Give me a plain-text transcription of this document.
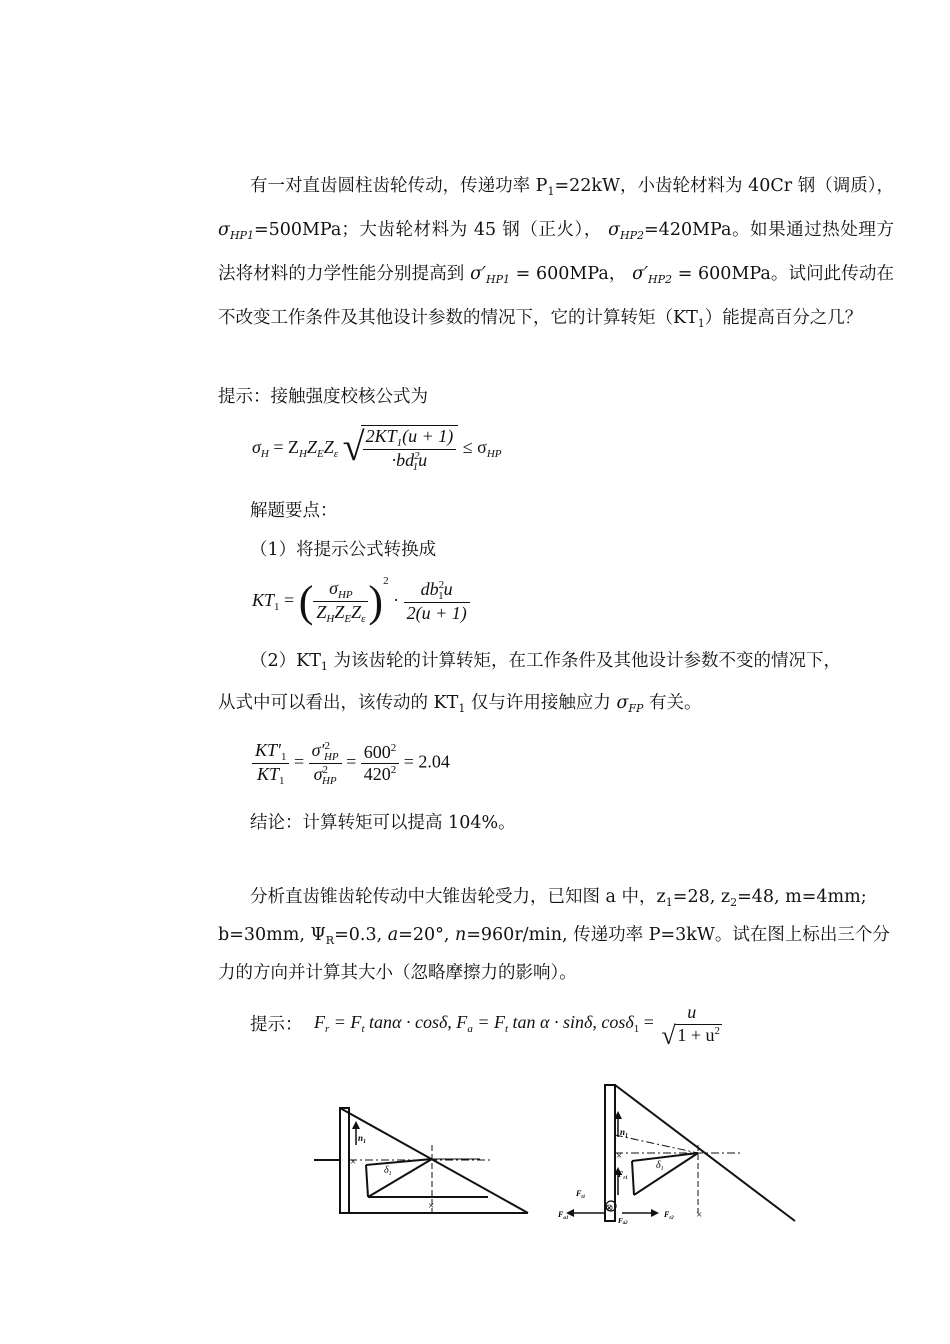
有一对直齿圆柱齿轮传动，传递功率 $P_1=22kW$，小齿轮材料为 40Cr 钢（调质）， $\sigma_{HP1}=500MPa$；大齿轮材料为 45 钢（正火）， $\sigma_{HP2}=420MPa$。如果通过热处理方法将材料的力学性能分别提高到 $\sigma'_{HP1} = 600MPa$， $\sigma'_{HP2} = 600MPa$。试问此传动在不改变工作条件及其他设计参数的情况下，它的计算转矩$(KT_1)$能提高百分之几？
提示：接触强度校核公式为
$\sigma_H = Z_HZ_EZ_\varepsilon$ √
$\frac{2KT_1(u + 1)}{\cdot bd^2_1u} \le \sigma_{HP}$
解题要点：
（1）将提示公式转换成
$KT_1$ = ( $\frac{\sigma_{HP}}{Z_HZ_EZ_\varepsilon} )^2 \cdot \frac{db^2_1u}{2(u + 1)}$
$(2)KT_1$ 为该齿轮的计算转矩，在工作条件及其他设计参数不变的情况下，
从式中可以看出，该传动的 $KT_1$ 仅与许用接触应力 $\sigma_{FP}$ 有关。
$\frac{KT'_1}{KT_1} = \frac{\sigma'^2_{HP}}{\sigma^2_{HP}} = \frac{600^2}{420^2} = 2.04$
结论：计算转矩可以提高 104%。
分析直齿锥齿轮传动中大锥齿轮受力，已知图 a 中，$z_1=28$, $z_2=48$, m=4mm;
b=30mm, $\Psi_R=0.3$, a=20°, n=960r/min, 传递功率 P=3kW。试在图上标出三个分
力的方向并计算其大小（忽略摩擦力的影响）。
提示： $F_r = F_t$ tanα · cosδ, $F_a = F_t$ tan α · sinδ, cosδ$_1$ =
u
√ $1 + u^2$
$n_1$
×
$\delta_1$
×
$n_1$
×
$F_{r1}$
$\delta_1$
$F_{t1}$
$F_{a1}$
⊗
Fa2
$F_{r2}$ ×
